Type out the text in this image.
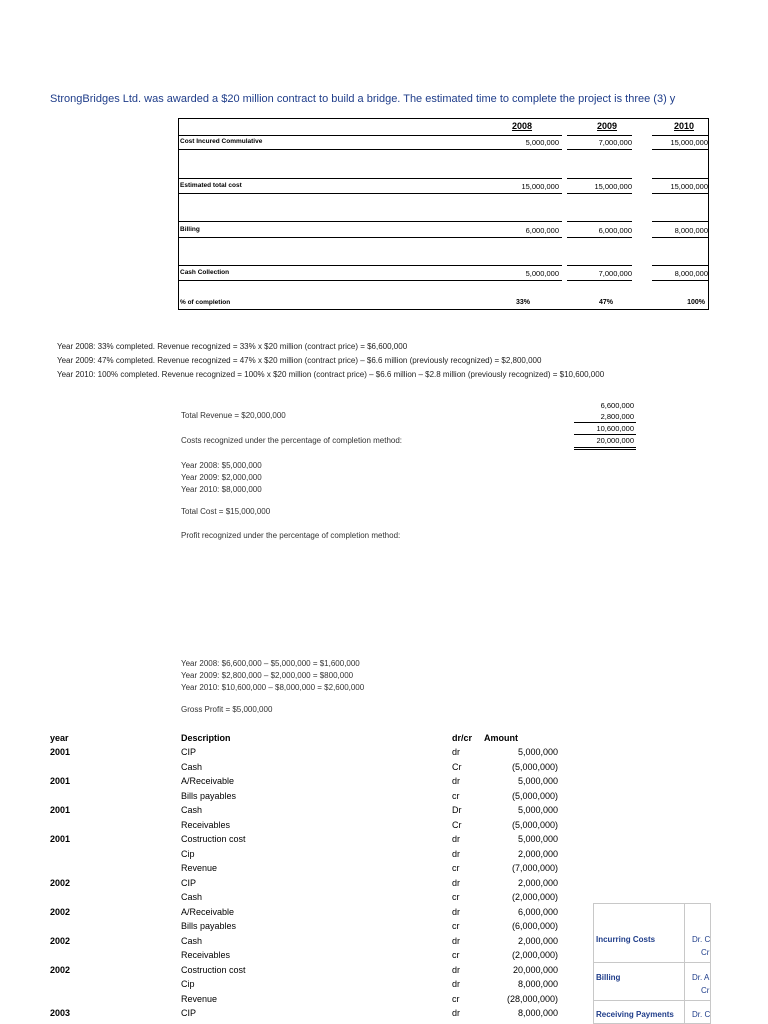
StrongBridges Ltd. was awarded a $20 million contract to build a bridge. The estimated time to complete the project is three (3) y
2008	2009	2010
Cost Incured Commulative	5,000,000	7,000,000	15,000,000
Estimated total cost	15,000,000	15,000,000	15,000,000
Billing	6,000,000	6,000,000	8,000,000
Cash Collection	5,000,000	7,000,000	8,000,000
% of completion	33%	47%	100%
Year 2008: 33% completed. Revenue recognized = 33% x $20 million (contract price) = $6,600,000
Year 2009: 47% completed. Revenue recognized = 47% x $20 million (contract price) – $6.6 million (previously recognized) = $2,800,000
Year 2010: 100% completed. Revenue recognized = 100% x $20 million (contract price) – $6.6 million – $2.8 million (previously recognized) = $10,600,000
6,600,000
2,800,000
10,600,000
20,000,000
Total Revenue = $20,000,000
Costs recognized under the percentage of completion method:
Year 2008: $5,000,000
Year 2009: $2,000,000
Year 2010: $8,000,000
Total Cost = $15,000,000
Profit recognized under the percentage of completion method:
Year 2008: $6,600,000 – $5,000,000 = $1,600,000
Year 2009: $2,800,000 – $2,000,000 = $800,000
Year 2010: $10,600,000 – $8,000,000 = $2,600,000
Gross Profit = $5,000,000
year	Description	dr/cr Amount
2001	CIP	dr	5,000,000
Cash	Cr	(5,000,000)
2001	A/Receivable	dr	5,000,000
Bills payables	cr	(5,000,000)
2001	Cash	Dr	5,000,000
Receivables	Cr	(5,000,000)
2001	Costruction cost	dr	5,000,000
Cip	dr	2,000,000
Revenue	cr	(7,000,000)
2002	CIP	dr	2,000,000
Cash	cr	(2,000,000)
2002	A/Receivable	dr	6,000,000
Bills payables	cr	(6,000,000)
2002	Cash	dr	2,000,000
Receivables	cr	(2,000,000)
2002	Costruction cost	dr	20,000,000
Cip	dr	8,000,000
Revenue	cr	(28,000,000)
2003	CIP	dr	8,000,000
Incurring Costs	Dr. C
Cr
Billing	Dr. A
Cr
Receiving Payments Dr. C
